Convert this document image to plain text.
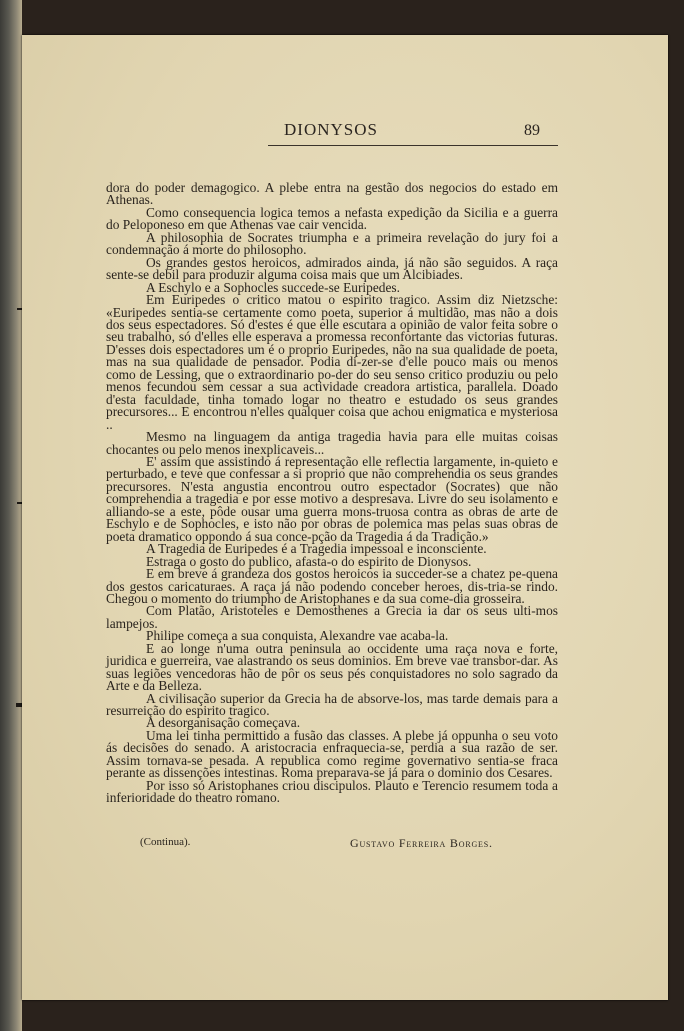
DIONYSOS	89

dora do poder demagogico. A plebe entra na gestão dos negocios do estado em Athenas.

Como consequencia logica temos a nefasta expedição da Sicilia e a guerra do Peloponeso em que Athenas vae cair vencida.

A philosophia de Socrates triumpha e a primeira revelação do jury foi a condemnação á morte do philosopho.

Os grandes gestos heroicos, admirados ainda, já não são seguidos. A raça sente-se debil para produzir alguma coisa mais que um Alcibiades.

A Eschylo e a Sophocles succede-se Euripedes.

Em Euripedes o critico matou o espirito tragico. Assim diz Nietzsche: «Euripedes sentia-se certamente como poeta, superior á multidão, mas não a dois dos seus espectadores. Só d'estes é que elle escutara a opinião de valor feita sobre o seu trabalho, só d'elles elle esperava a promessa reconfortante das victorias futuras. D'esses dois espectadores um é o proprio Euripedes, não na sua qualidade de poeta, mas na sua qualidade de pensador. Podia di-zer-se d'elle pouco mais ou menos como de Lessing, que o extraordinario po-der do seu senso critico produziu ou pelo menos fecundou sem cessar a sua actividade creadora artistica, parallela. Doado d'esta faculdade, tinha tomado logar no theatro e estudado os seus grandes precursores... E encontrou n'elles qualquer coisa que achou enigmatica e mysteriosa ..

Mesmo na linguagem da antiga tragedia havia para elle muitas coisas chocantes ou pelo menos inexplicaveis...

E' assim que assistindo á representação elle reflectia largamente, in-quieto e perturbado, e teve que confessar a si proprio que não comprehendia os seus grandes precursores. N'esta angustia encontrou outro espectador (Socrates) que não comprehendia a tragedia e por esse motivo a despresava. Livre do seu isolamento e alliando-se a este, pôde ousar uma guerra mons-truosa contra as obras de arte de Eschylo e de Sophocles, e isto não por obras de polemica mas pelas suas obras de poeta dramatico oppondo á sua conce-pção da Tragedia á da Tradição.»

A Tragedia de Euripedes é a Tragedia impessoal e inconsciente.

Estraga o gosto do publico, afasta-o do espirito de Dionysos.

E em breve á grandeza dos gostos heroicos ia succeder-se a chatez pe-quena dos gestos caricaturaes. A raça já não podendo conceber heroes, dis-tria-se rindo. Chegou o momento do triumpho de Aristophanes e da sua come-dia grosseira.

Com Platão, Aristoteles e Demosthenes a Grecia ia dar os seus ulti-mos lampejos.

Philipe começa a sua conquista, Alexandre vae acaba-la.

E ao longe n'uma outra peninsula ao occidente uma raça nova e forte, juridica e guerreira, vae alastrando os seus dominios. Em breve vae transbor-dar. As suas legiões vencedoras hão de pôr os seus pés conquistadores no solo sagrado da Arte e da Belleza.

A civilisação superior da Grecia ha de absorve-los, mas tarde demais para a resurreição do espirito tragico.

A desorganisação começava.

Uma lei tinha permittido a fusão das classes. A plebe já oppunha o seu voto ás decisões do senado. A aristocracia enfraquecia-se, perdia a sua razão de ser. Assim tornava-se pesada. A republica como regime governativo sentia-se fraca perante as dissenções intestinas. Roma preparava-se já para o dominio dos Cesares.

Por isso só Aristophanes criou discipulos. Plauto e Terencio resumem toda a inferioridade do theatro romano.

(Continua).	Gustavo Ferreira Borges.
